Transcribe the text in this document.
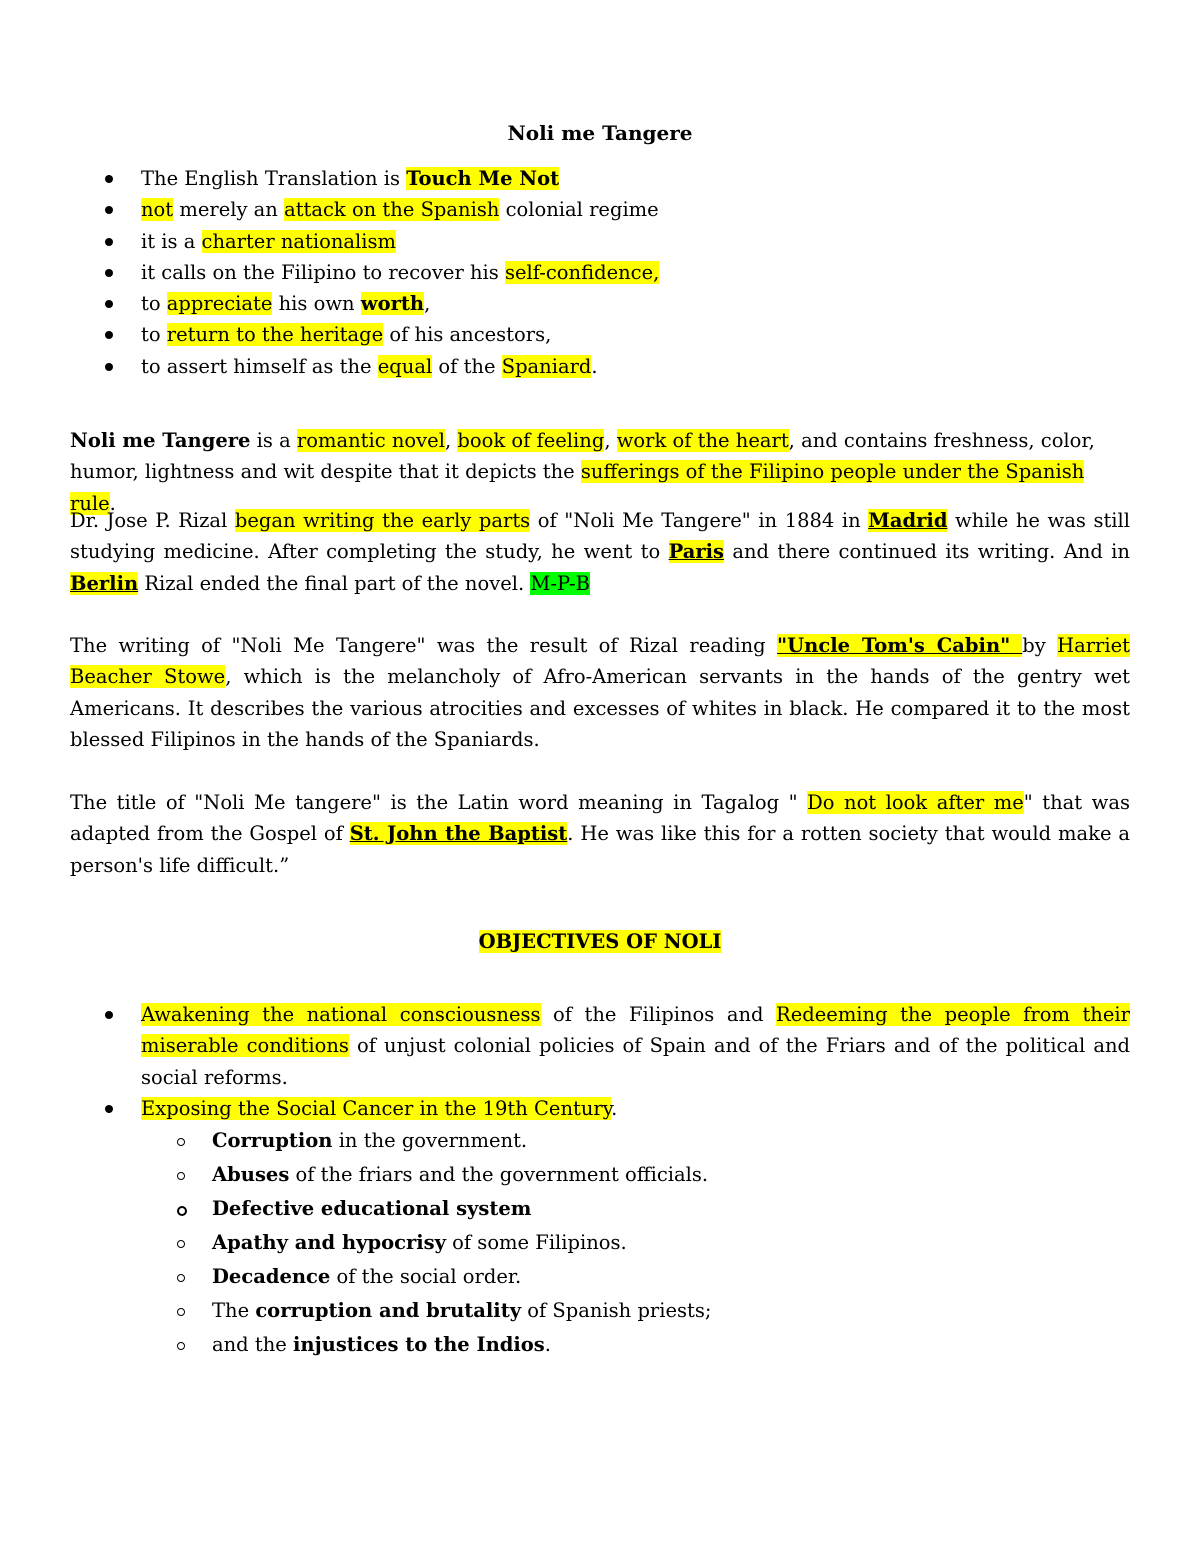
Noli me Tangere
The English Translation is Touch Me Not
not merely an attack on the Spanish colonial regime
it is a charter nationalism
it calls on the Filipino to recover his self-confidence,
to appreciate his own worth,
to return to the heritage of his ancestors,
to assert himself as the equal of the Spaniard.

Noli me Tangere is a romantic novel, book of feeling, work of the heart, and contains freshness, color, humor, lightness and wit despite that it depicts the sufferings of the Filipino people under the Spanish rule.

Dr. Jose P. Rizal began writing the early parts of "Noli Me Tangere" in 1884 in Madrid while he was still studying medicine. After completing the study, he went to Paris and there continued its writing. And in Berlin Rizal ended the final part of the novel. M-P-B

The writing of "Noli Me Tangere" was the result of Rizal reading "Uncle Tom's Cabin" by Harriet Beacher Stowe, which is the melancholy of Afro-American servants in the hands of the gentry wet Americans. It describes the various atrocities and excesses of whites in black. He compared it to the most blessed Filipinos in the hands of the Spaniards.

The title of "Noli Me tangere" is the Latin word meaning in Tagalog " Do not look after me" that was adapted from the Gospel of St. John the Baptist. He was like this for a rotten society that would make a person's life difficult.”

OBJECTIVES OF NOLI
Awakening the national consciousness of the Filipinos and Redeeming the people from their miserable conditions of unjust colonial policies of Spain and of the Friars and of the political and social reforms.
Exposing the Social Cancer in the 19th Century.
Corruption in the government.
Abuses of the friars and the government officials.
Defective educational system
Apathy and hypocrisy of some Filipinos.
Decadence of the social order.
The corruption and brutality of Spanish priests;
and the injustices to the Indios.
